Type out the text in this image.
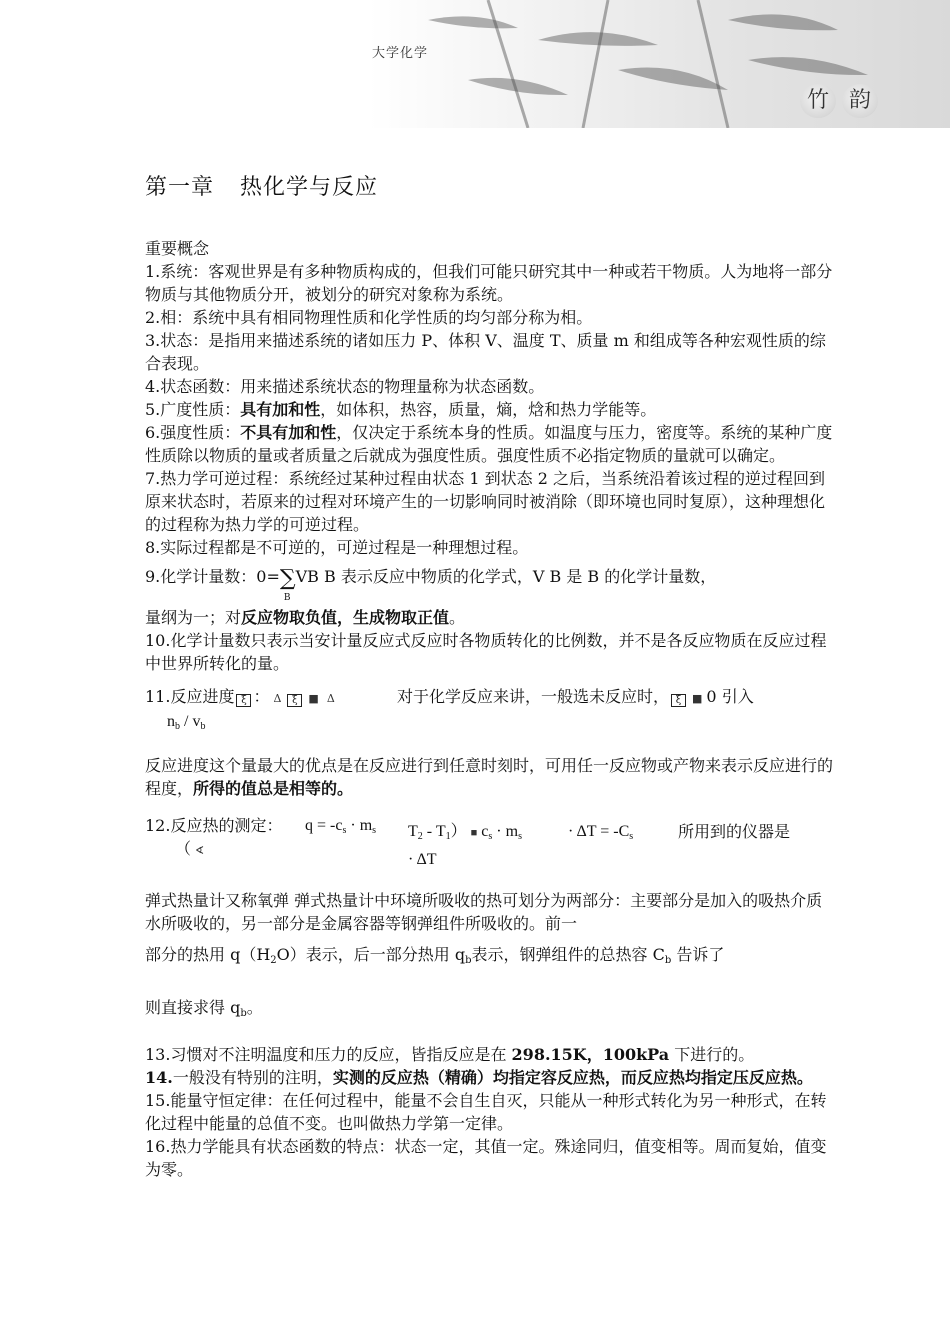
大学化学
竹 韵
第一章 热化学与反应

重要概念

1.系统：客观世界是有多种物质构成的，但我们可能只研究其中一种或若干物质。人为地将一部分物质与其他物质分开，被划分的研究对象称为系统。

2.相：系统中具有相同物理性质和化学性质的均匀部分称为相。

3.状态：是指用来描述系统的诸如压力 P、体积 V、温度 T、质量 m 和组成等各种宏观性质的综合表现。

4.状态函数：用来描述系统状态的物理量称为状态函数。

5.广度性质：具有加和性，如体积，热容，质量，熵，焓和热力学能等。

6.强度性质：不具有加和性，仅决定于系统本身的性质。如温度与压力，密度等。系统的某种广度性质除以物质的量或者质量之后就成为强度性质。强度性质不必指定物质的量就可以确定。

7.热力学可逆过程：系统经过某种过程由状态 1 到状态 2 之后，当系统沿着该过程的逆过程回到原来状态时，若原来的过程对环境产生的一切影响同时被消除（即环境也同时复原），这种理想化的过程称为热力学的可逆过程。

8.实际过程都是不可逆的，可逆过程是一种理想过程。

9.化学计量数：0=∑
B
VB B 表示反应中物质的化学式，V B 是 B 的化学计量数，

量纲为一；对反应物取负值，生成物取正值。

10.化学计量数只表示当安计量反应式反应时各物质转化的比例数，并不是各反应物质在反应过程中世界所转化的量。

11.反应进度 ξ ： Δ ξ ■ Δ

$n_b / v_b$

对于化学反应来讲，一般选未反应时， ξ ■ 0 引入

反应进度这个量最大的优点是在反应进行到任意时刻时，可用任一反应物或产物来表示反应进行的程度，所得的值总是相等的。

12.反应热的测定：

（ ∢

$q = -c_s \cdot m_s$	$T_2 - T_1$） ■ $c_s \cdot m_s$

· ΔT

· $\Delta T = -C_s$	所用到的仪器是

弹式热量计又称氧弹 弹式热量计中环境所吸收的热可划分为两部分：主要部分是加入的吸热介质水所吸收的，另一部分是金属容器等钢弹组件所吸收的。前一

部分的热用 $q(H_2O)$表示，后一部分热用 $q_b$表示，钢弹组件的总热容 $C_b$ 告诉了

则直接求得 $q_b$。

13.习惯对不注明温度和压力的反应，皆指反应是在 298.15K，100kPa 下进行的。

14.一般没有特别的注明，实测的反应热（精确）均指定容反应热，而反应热均指定压反应热。

15.能量守恒定律：在任何过程中，能量不会自生自灭，只能从一种形式转化为另一种形式，在转化过程中能量的总值不变。也叫做热力学第一定律。

16.热力学能具有状态函数的特点：状态一定，其值一定。殊途同归，值变相等。周而复始，值变为零。
